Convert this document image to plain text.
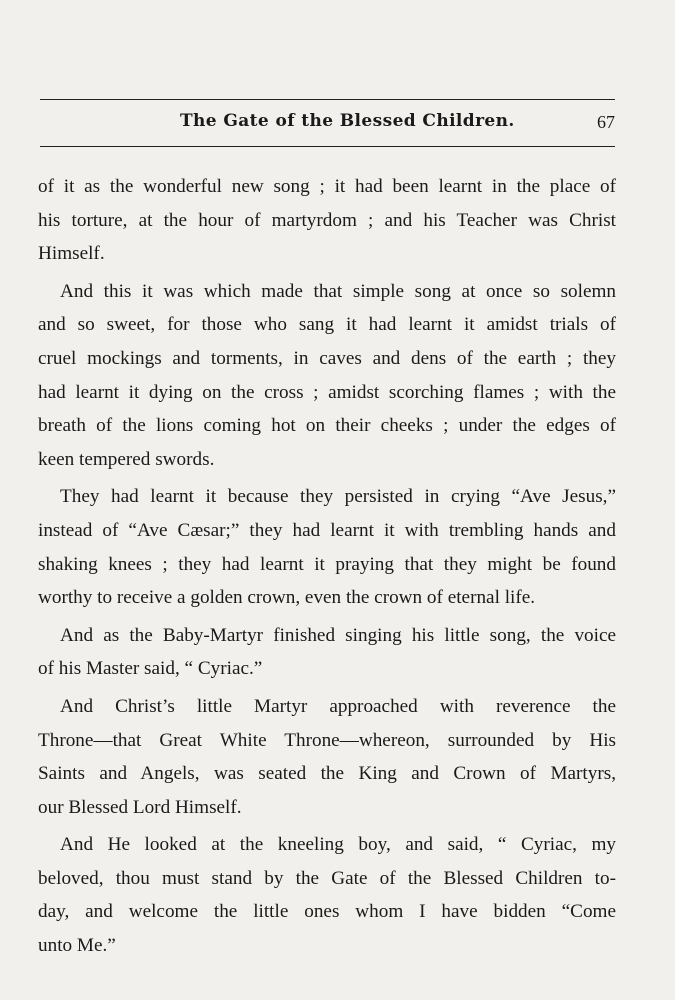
The Gate of the Blessed Children.	67

of it as the wonderful new song ; it had been learnt in the place of
his torture, at the hour of martyrdom ; and his Teacher was Christ
Himself.

And this it was which made that simple song at once so solemn
and so sweet, for those who sang it had learnt it amidst trials of
cruel mockings and torments, in caves and dens of the earth ; they
had learnt it dying on the cross ; amidst scorching flames ; with the
breath of the lions coming hot on their cheeks ; under the edges of
keen tempered swords.

They had learnt it because they persisted in crying “Ave Jesus,”
instead of “Ave Cæsar;” they had learnt it with trembling hands and
shaking knees ; they had learnt it praying that they might be found
worthy to receive a golden crown, even the crown of eternal life.

And as the Baby-Martyr finished singing his little song, the voice
of his Master said, “ Cyriac.”

And Christ’s little Martyr approached with reverence the
Throne—that Great White Throne—whereon, surrounded by His
Saints and Angels, was seated the King and Crown of Martyrs,
our Blessed Lord Himself.

And He looked at the kneeling boy, and said, “ Cyriac, my
beloved, thou must stand by the Gate of the Blessed Children to-
day, and welcome the little ones whom I have bidden “Come
unto Me.”
